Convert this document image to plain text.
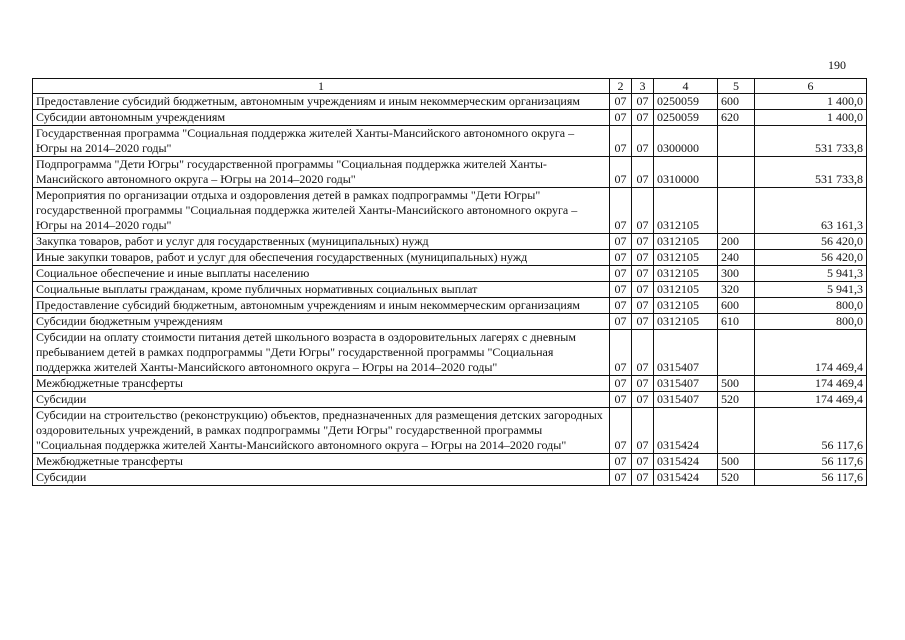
190
1	2	3	4	5	6
Предоставление субсидий бюджетным, автономным учреждениям и иным некоммерческим организациям	07	07	0250059	600	1 400,0
Субсидии автономным учреждениям	07	07	0250059	620	1 400,0
Государственная программа "Социальная поддержка жителей Ханты-Мансийского автономного округа – Югры на 2014–2020 годы"	07	07	0300000		531 733,8
Подпрограмма "Дети Югры" государственной программы "Социальная поддержка жителей Ханты-Мансийского автономного округа – Югры на 2014–2020 годы"	07	07	0310000		531 733,8
Мероприятия по организации отдыха и оздоровления детей в рамках подпрограммы "Дети Югры" государственной программы "Социальная поддержка жителей Ханты-Мансийского автономного округа – Югры на 2014–2020 годы"	07	07	0312105		63 161,3
Закупка товаров, работ и услуг для государственных (муниципальных) нужд	07	07	0312105	200	56 420,0
Иные закупки товаров, работ и услуг для обеспечения государственных (муниципальных) нужд	07	07	0312105	240	56 420,0
Социальное обеспечение и иные выплаты населению	07	07	0312105	300	5 941,3
Социальные выплаты гражданам, кроме публичных нормативных социальных выплат	07	07	0312105	320	5 941,3
Предоставление субсидий бюджетным, автономным учреждениям и иным некоммерческим организациям	07	07	0312105	600	800,0
Субсидии бюджетным учреждениям	07	07	0312105	610	800,0
Субсидии на оплату стоимости питания детей школьного возраста в оздоровительных лагерях с дневным пребыванием детей в рамках подпрограммы "Дети Югры" государственной программы "Социальная поддержка жителей Ханты-Мансийского автономного округа – Югры на 2014–2020 годы"	07	07	0315407		174 469,4
Межбюджетные трансферты	07	07	0315407	500	174 469,4
Субсидии	07	07	0315407	520	174 469,4
Субсидии на строительство (реконструкцию) объектов, предназначенных для размещения детских загородных оздоровительных учреждений, в рамках подпрограммы "Дети Югры" государственной программы "Социальная поддержка жителей Ханты-Мансийского автономного округа – Югры на 2014–2020 годы"	07	07	0315424		56 117,6
Межбюджетные трансферты	07	07	0315424	500	56 117,6
Субсидии	07	07	0315424	520	56 117,6
